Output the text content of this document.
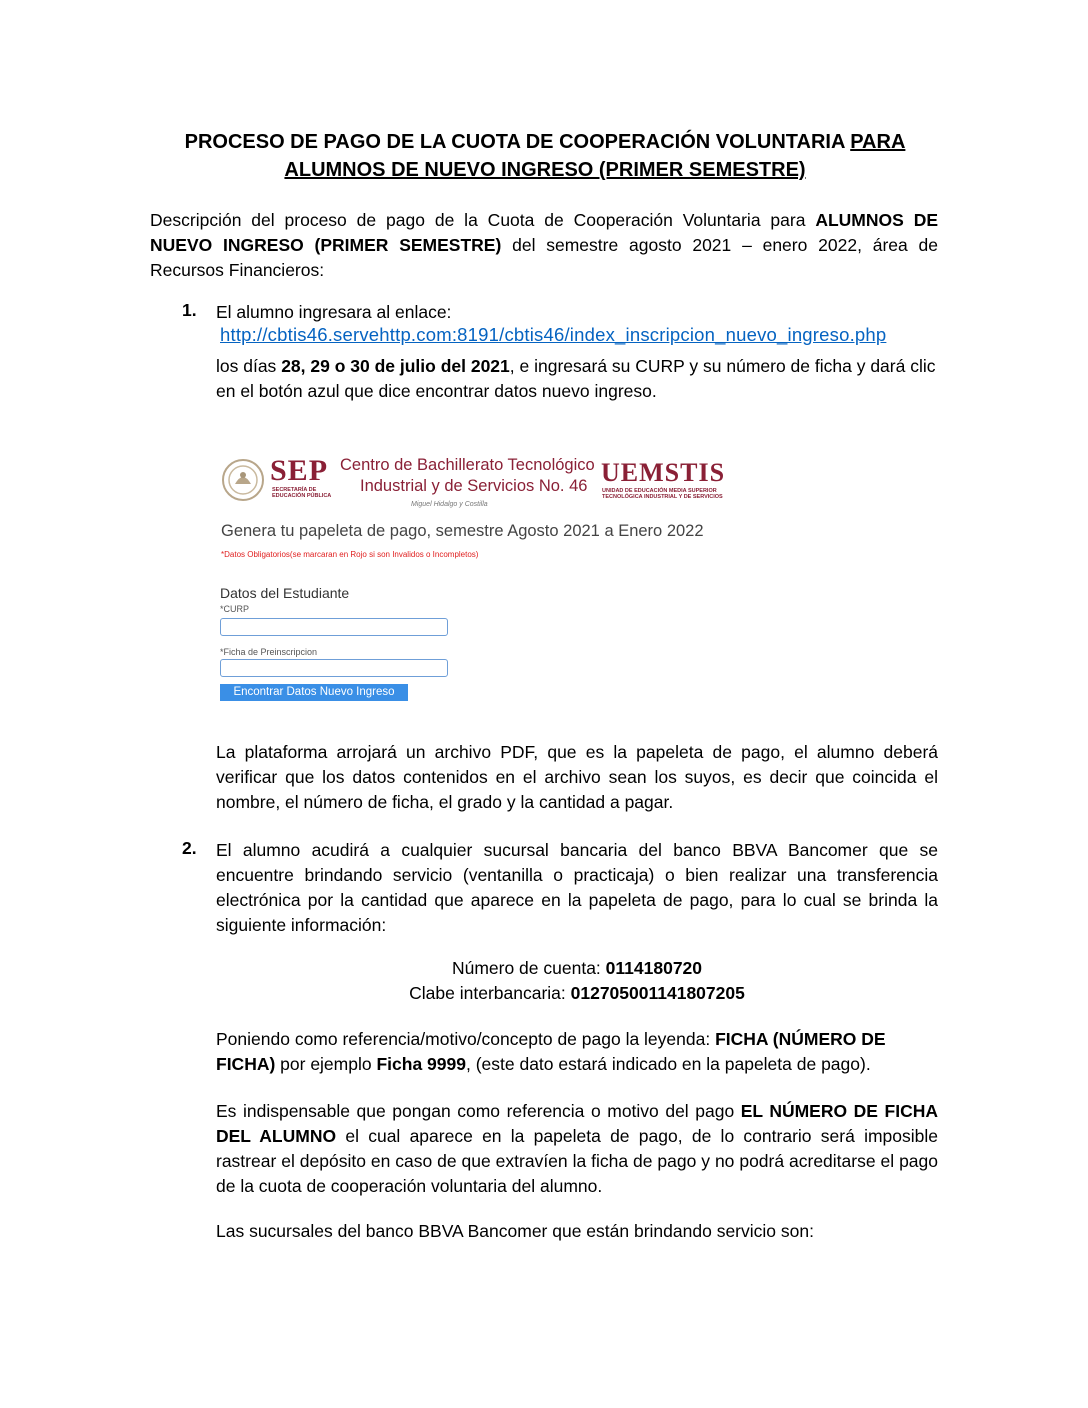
PROCESO DE PAGO DE LA CUOTA DE COOPERACIÓN VOLUNTARIA PARA
ALUMNOS DE NUEVO INGRESO (PRIMER SEMESTRE)
Descripción del proceso de pago de la Cuota de Cooperación Voluntaria para ALUMNOS DE NUEVO INGRESO (PRIMER SEMESTRE) del semestre agosto 2021 – enero 2022, área de Recursos Financieros:
1. El alumno ingresara al enlace:
http://cbtis46.servehttp.com:8191/cbtis46/index_inscripcion_nuevo_ingreso.php
los días 28, 29 o 30 de julio del 2021, e ingresará su CURP y su número de ficha y dará clic
en el botón azul que dice encontrar datos nuevo ingreso.
SEP
SECRETARÍA DE EDUCACIÓN PÚBLICA
Centro de Bachillerato Tecnológico
Industrial y de Servicios No. 46
Miguel Hidalgo y Costilla
UEMSTIS
UNIDAD DE EDUCACIÓN MEDIA SUPERIOR TECNOLÓGICA INDUSTRIAL Y DE SERVICIOS
Genera tu papeleta de pago, semestre Agosto 2021 a Enero 2022
*Datos Obligatorios(se marcaran en Rojo si son Invalidos o Incompletos)
Datos del Estudiante
*CURP
*Ficha de Preinscripcion
Encontrar Datos Nuevo Ingreso
La plataforma arrojará un archivo PDF, que es la papeleta de pago, el alumno deberá verificar que los datos contenidos en el archivo sean los suyos, es decir que coincida el nombre, el número de ficha, el grado y la cantidad a pagar.
2. El alumno acudirá a cualquier sucursal bancaria del banco BBVA Bancomer que se encuentre brindando servicio (ventanilla o practicaja) o bien realizar una transferencia electrónica por la cantidad que aparece en la papeleta de pago, para lo cual se brinda la siguiente información:
Número de cuenta: 0114180720
Clabe interbancaria: 012705001141807205
Poniendo como referencia/motivo/concepto de pago la leyenda: FICHA (NÚMERO DE FICHA) por ejemplo Ficha 9999, (este dato estará indicado en la papeleta de pago).
Es indispensable que pongan como referencia o motivo del pago EL NÚMERO DE FICHA DEL ALUMNO el cual aparece en la papeleta de pago, de lo contrario será imposible rastrear el depósito en caso de que extravíen la ficha de pago y no podrá acreditarse el pago de la cuota de cooperación voluntaria del alumno.
Las sucursales del banco BBVA Bancomer que están brindando servicio son:
